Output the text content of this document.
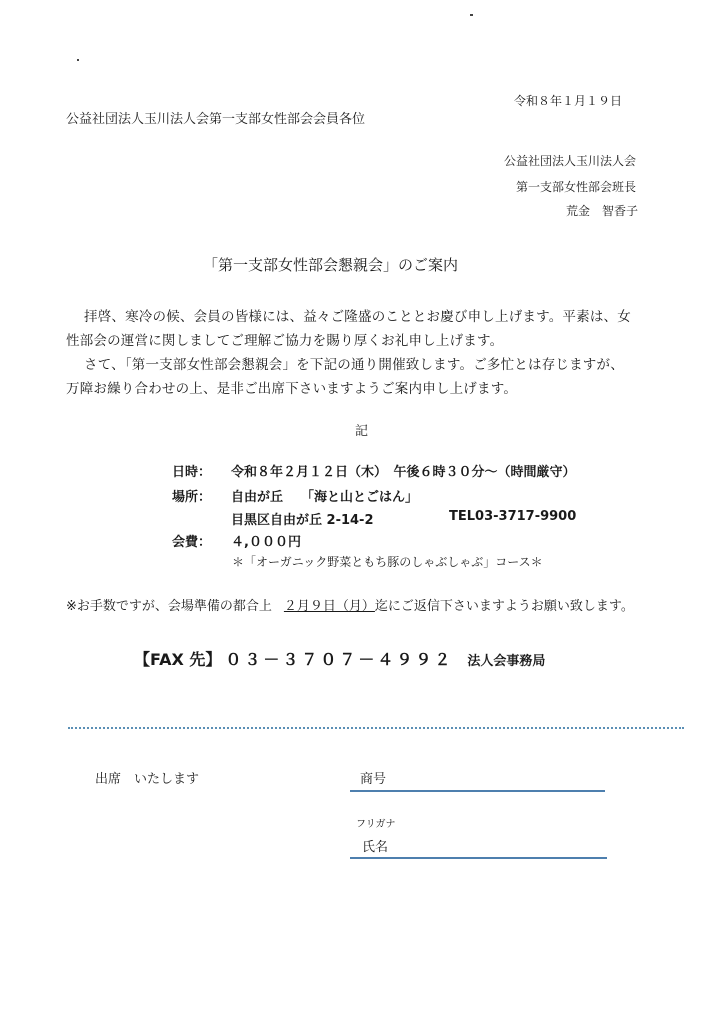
令和８年１月１９日
公益社団法人玉川法人会第一支部女性部会会員各位
公益社団法人玉川法人会
第一支部女性部会班長
荒金　智香子
「第一支部女性部会懇親会」のご案内
拝啓、寒冷の候、会員の皆様には、益々ご隆盛のこととお慶び申し上げます。平素は、女
性部会の運営に関しましてご理解ご協力を賜り厚くお礼申し上げます。
さて、「第一支部女性部会懇親会」を下記の通り開催致します。ご多忙とは存じますが、
万障お繰り合わせの上、是非ご出席下さいますようご案内申し上げます。
記
日時： 令和８年２月１２日（木）　午後６時３０分～（時間厳守）
場所： 自由が丘 「海と山とごはん」
目黒区自由が丘 2-14-2	TEL03-3717-9900
会費： ４,０００円
＊「オーガニック野菜ともち豚のしゃぶしゃぶ」コース＊
※お手数ですが、会場準備の都合上 ２月９日（月）迄にご返信下さいますようお願い致します。
【FAX 先】 ０３－３７０７－４９９２ 法人会事務局
出席　いたします	商号
フリガナ
氏名
